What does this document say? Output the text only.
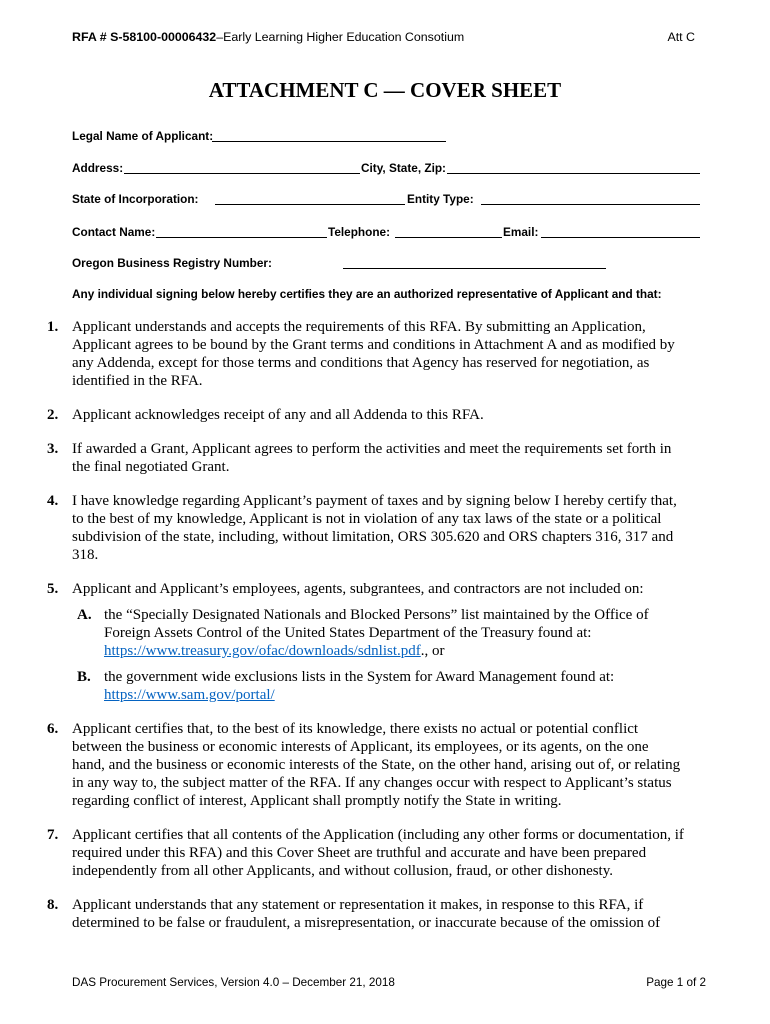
RFA # S-58100-00006432–Early Learning Higher Education Consotium	Att C
ATTACHMENT C — COVER SHEET
Legal Name of Applicant:
Address:	City, State, Zip:
State of Incorporation:	Entity Type:
Contact Name:	Telephone:	Email:
Oregon Business Registry Number:
Any individual signing below hereby certifies they are an authorized representative of Applicant and that:
1. Applicant understands and accepts the requirements of this RFA. By submitting an Application,
Applicant agrees to be bound by the Grant terms and conditions in Attachment A and as modified by
any Addenda, except for those terms and conditions that Agency has reserved for negotiation, as
identified in the RFA.
2. Applicant acknowledges receipt of any and all Addenda to this RFA.
3. If awarded a Grant, Applicant agrees to perform the activities and meet the requirements set forth in
the final negotiated Grant.
4. I have knowledge regarding Applicant’s payment of taxes and by signing below I hereby certify that,
to the best of my knowledge, Applicant is not in violation of any tax laws of the state or a political
subdivision of the state, including, without limitation, ORS 305.620 and ORS chapters 316, 317 and
318.
5. Applicant and Applicant’s employees, agents, subgrantees, and contractors are not included on:
A. the “Specially Designated Nationals and Blocked Persons” list maintained by the Office of
Foreign Assets Control of the United States Department of the Treasury found at:
https://www.treasury.gov/ofac/downloads/sdnlist.pdf., or
B. the government wide exclusions lists in the System for Award Management found at:
https://www.sam.gov/portal/
6. Applicant certifies that, to the best of its knowledge, there exists no actual or potential conflict
between the business or economic interests of Applicant, its employees, or its agents, on the one
hand, and the business or economic interests of the State, on the other hand, arising out of, or relating
in any way to, the subject matter of the RFA. If any changes occur with respect to Applicant’s status
regarding conflict of interest, Applicant shall promptly notify the State in writing.
7. Applicant certifies that all contents of the Application (including any other forms or documentation, if
required under this RFA) and this Cover Sheet are truthful and accurate and have been prepared
independently from all other Applicants, and without collusion, fraud, or other dishonesty.
8. Applicant understands that any statement or representation it makes, in response to this RFA, if
determined to be false or fraudulent, a misrepresentation, or inaccurate because of the omission of
DAS Procurement Services, Version 4.0 – December 21, 2018	Page 1 of 2
